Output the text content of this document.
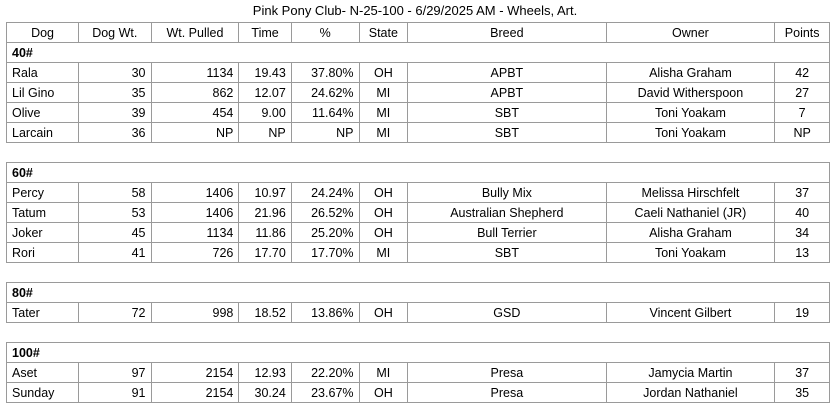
Pink Pony Club- N-25-100 - 6/29/2025 AM - Wheels, Art.
Dog	Dog Wt.	Wt. Pulled	Time	%	State	Breed	Owner	Points
40#								
Rala	30	1134	19.43	37.80%	OH	APBT	Alisha Graham	42
Lil Gino	35	862	12.07	24.62%	MI	APBT	David Witherspoon	27
Olive	39	454	9.00	11.64%	MI	SBT	Toni Yoakam	7
Larcain	36	NP	NP	NP	MI	SBT	Toni Yoakam	NP

60#								
Percy	58	1406	10.97	24.24%	OH	Bully Mix	Melissa Hirschfelt	37
Tatum	53	1406	21.96	26.52%	OH	Australian Shepherd	Caeli Nathaniel (JR)	40
Joker	45	1134	11.86	25.20%	OH	Bull Terrier	Alisha Graham	34
Rori	41	726	17.70	17.70%	MI	SBT	Toni Yoakam	13

80#								
Tater	72	998	18.52	13.86%	OH	GSD	Vincent Gilbert	19

100#								
Aset	97	2154	12.93	22.20%	MI	Presa	Jamycia Martin	37
Sunday	91	2154	30.24	23.67%	OH	Presa	Jordan Nathaniel	35
